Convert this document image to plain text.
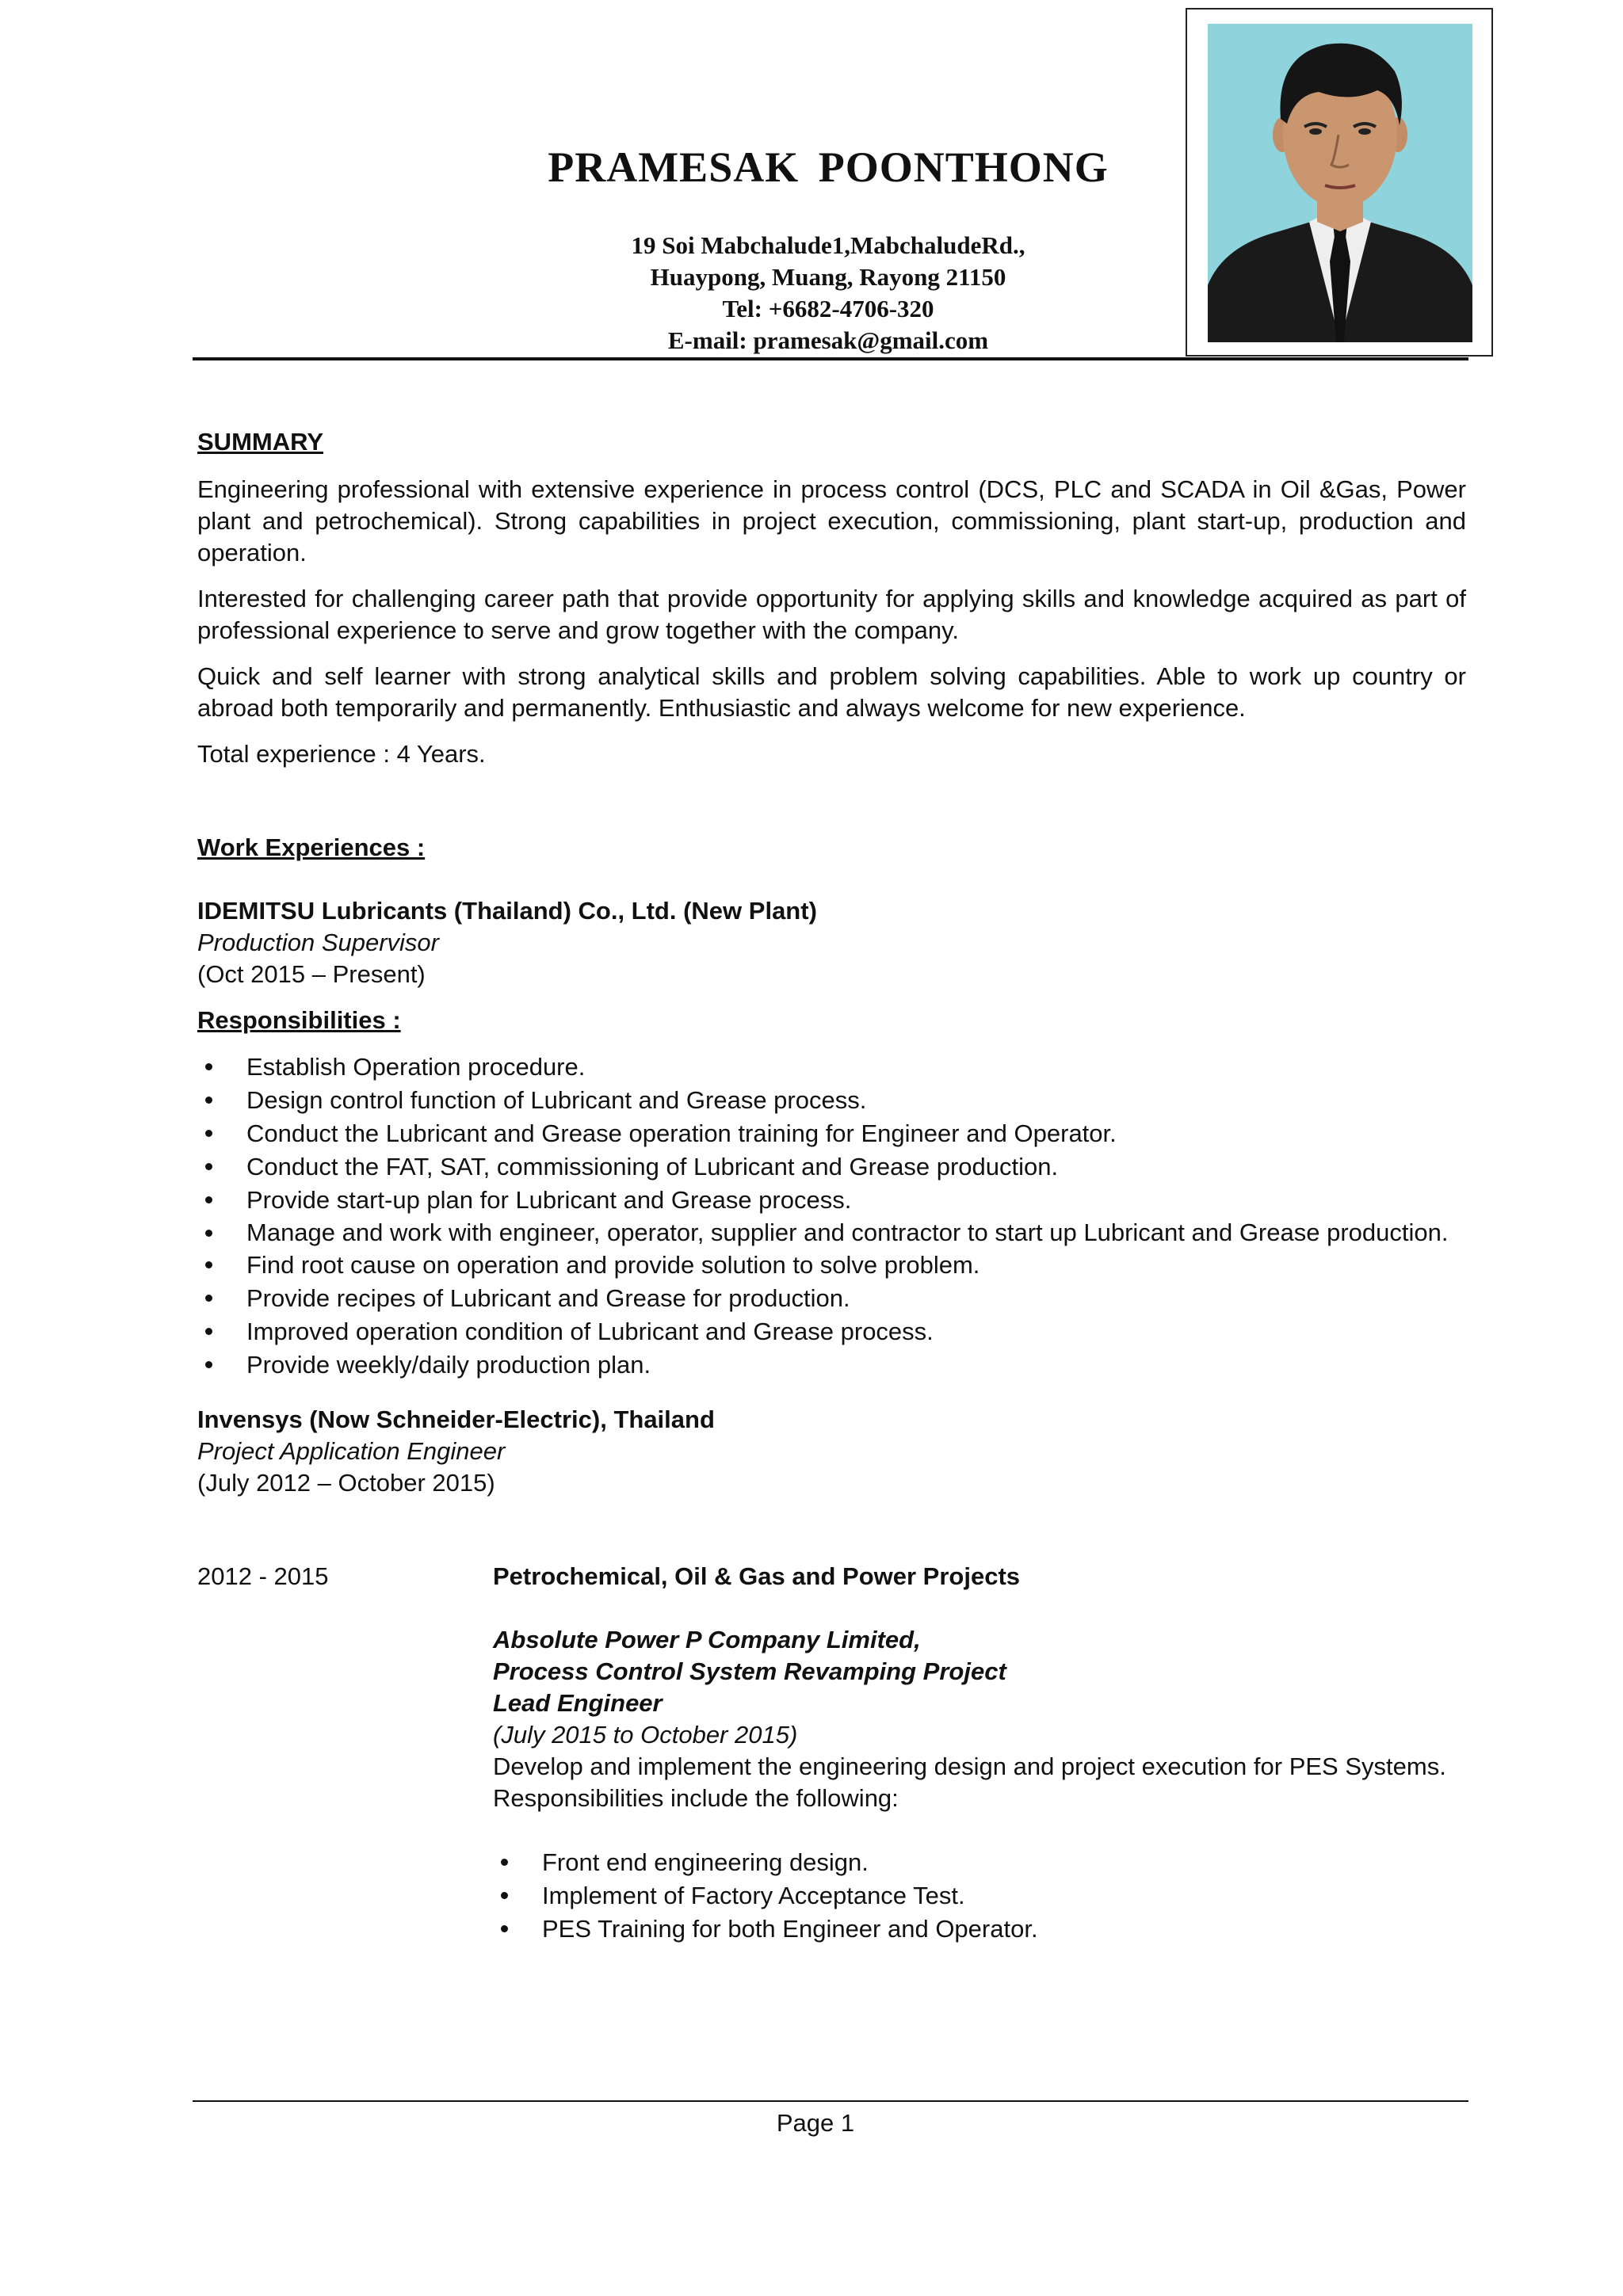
PRAMESAK POONTHONG
19 Soi Mabchalude1,MabchaludeRd.,
Huaypong, Muang, Rayong 21150
Tel: +6682-4706-320
E-mail: pramesak@gmail.com
SUMMARY

Engineering professional with extensive experience in process control (DCS, PLC and SCADA in Oil &Gas, Power plant and petrochemical). Strong capabilities in project execution, commissioning, plant start-up, production and operation.

Interested for challenging career path that provide opportunity for applying skills and knowledge acquired as part of professional experience to serve and grow together with the company.

Quick and self learner with strong analytical skills and problem solving capabilities. Able to work up country or abroad both temporarily and permanently. Enthusiastic and always welcome for new experience.

Total experience : 4 Years.

Work Experiences :
IDEMITSU Lubricants (Thailand) Co., Ltd. (New Plant)
Production Supervisor
(Oct 2015 – Present)
Responsibilities :
Establish Operation procedure.
Design control function of Lubricant and Grease process.
Conduct the Lubricant and Grease operation training for Engineer and Operator.
Conduct the FAT, SAT, commissioning of Lubricant and Grease production.
Provide start-up plan for Lubricant and Grease process.
Manage and work with engineer, operator, supplier and contractor to start up Lubricant and Grease production.
Find root cause on operation and provide solution to solve problem.
Provide recipes of Lubricant and Grease for production.
Improved operation condition of Lubricant and Grease process.
Provide weekly/daily production plan.
Invensys (Now Schneider-Electric), Thailand
Project Application Engineer
(July 2012 – October 2015)
2012 - 2015	Petrochemical, Oil & Gas and Power Projects
Absolute Power P Company Limited,
Process Control System Revamping Project
Lead Engineer
(July 2015 to October 2015)
Develop and implement the engineering design and project execution for PES Systems.
Responsibilities include the following:
Front end engineering design.
Implement of Factory Acceptance Test.
PES Training for both Engineer and Operator.
Page 1
